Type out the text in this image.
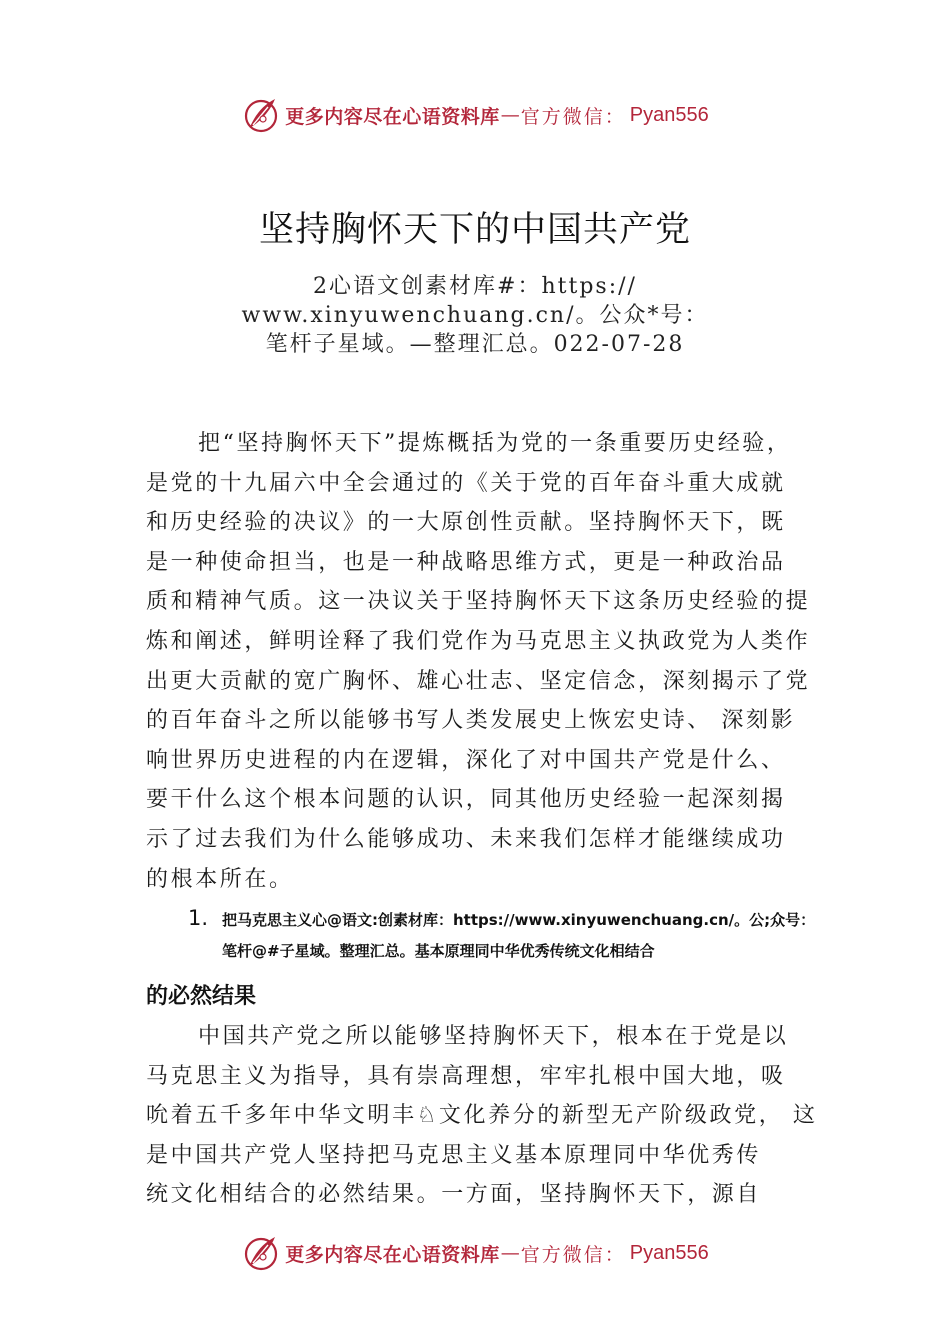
更多内容尽在心语资料库 — 官方微信 ： Pyan556
坚持胸怀天下的中国共产党
2心语文创素材库#：https://
www.xinyuwenchuang.cn/。公众*号：
笔杆子星域。—整理汇总。022-07-28
把“坚持胸怀天下”提炼概括为党的一条重要历史经验，
是党的十九届六中全会通过的《关于党的百年奋斗重大成就
和历史经验的决议》的一大原创性贡献。坚持胸怀天下，既
是一种使命担当，也是一种战略思维方式，更是一种政治品
质和精神气质。这一决议关于坚持胸怀天下这条历史经验的提
炼和阐述，鲜明诠释了我们党作为马克思主义执政党为人类作
出更大贡献的宽广胸怀、雄心壮志、坚定信念，深刻揭示了党
的百年奋斗之所以能够书写人类发展史上恢宏史诗、 深刻影
响世界历史进程的内在逻辑，深化了对中国共产党是什么、
要干什么这个根本问题的认识，同其他历史经验一起深刻揭
示了过去我们为什么能够成功、未来我们怎样才能继续成功
的根本所在。
1. 把马克思主义心@语文:创素材库：https://www.xinyuwenchuang.cn/。公;众号：
笔杆@#子星域。整理汇总。基本原理同中华优秀传统文化相结合
的必然结果
中国共产党之所以能够坚持胸怀天下，根本在于党是以
马克思主义为指导，具有崇高理想，牢牢扎根中国大地，吸
吮着五千多年中华文明丰♘文化养分的新型无产阶级政党， 这
是中国共产党人坚持把马克思主义基本原理同中华优秀传
统文化相结合的必然结果。一方面，坚持胸怀天下，源自
更多内容尽在心语资料库 — 官方微信 ： Pyan556
